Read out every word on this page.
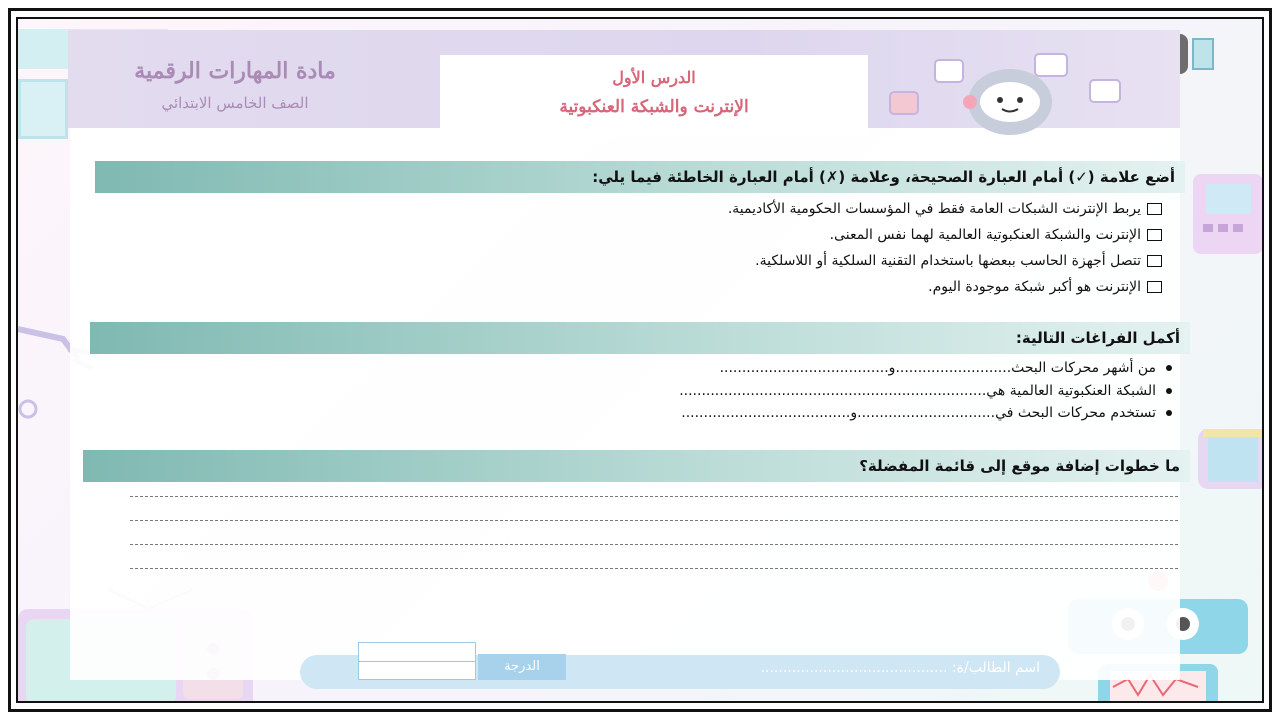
مادة المهارات الرقمية
الصف الخامس الابتدائي
الدرس الأول
الإنترنت والشبكة العنكبوتية
أضع علامة (✓) أمام العبارة الصحيحة، وعلامة (✗) أمام العبارة الخاطئة فيما يلي:
يربط الإنترنت الشبكات العامة فقط في المؤسسات الحكومية الأكاديمية.
الإنترنت والشبكة العنكبوتية العالمية لهما نفس المعنى.
تتصل أجهزة الحاسب ببعضها باستخدام التقنية السلكية أو اللاسلكية.
الإنترنت هو أكبر شبكة موجودة اليوم.
أكمل الفراغات التالية:
من أشهر محركات البحث..........................و......................................
الشبكة العنكبوتية العالمية هي.....................................................................
تستخدم محركات البحث في...............................و......................................
ما خطوات إضافة موقع إلى قائمة المفضلة؟
اسم الطالب/ة: ..........................................
الدرجة
